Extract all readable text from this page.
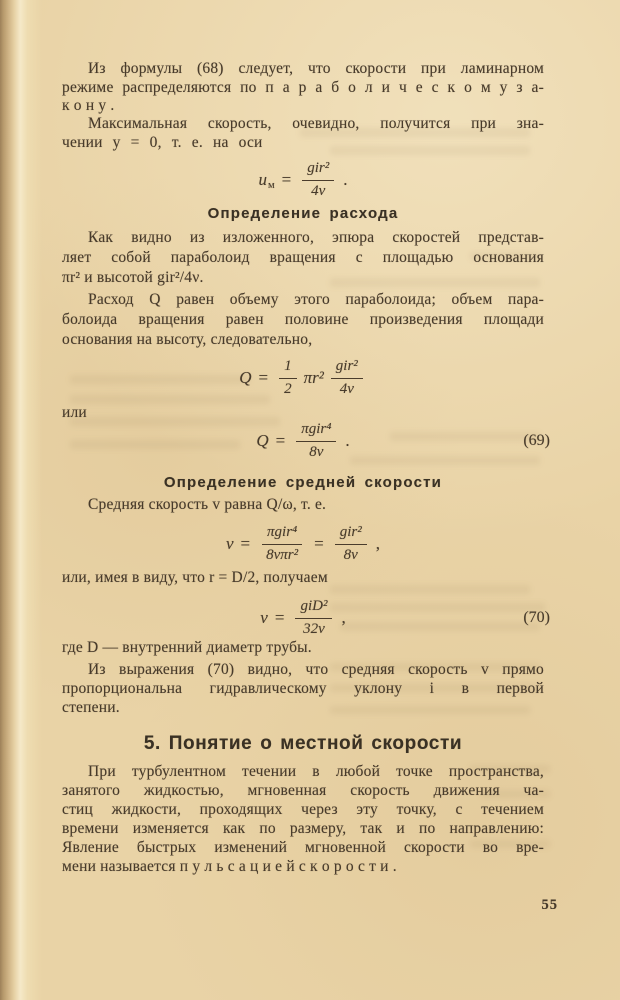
Из формулы (68) следует, что скорости при ламинарном
режиме распределяются по п а р а б о л и ч е с к о м у з а-
к о н у .
Максимальная скорость, очевидно, получится при зна-
чении y = 0, т. е. на оси
u $м = \frac{\text{gir²}}{4\nu}$ .
Определение расхода
Как видно из изложенного, эпюра скоростей представ-
ляет собой параболоид вращения с площадью основания
πr² и высотой gir²/4ν.
Расход Q равен объему этого параболоида; объем пара-
болоида вращения равен половине произведения площади
основания на высоту, следовательно,
$Q = \frac{1}{2} \pi r^2 \frac{\text{gir²}}{4\nu}$
или
$Q = \frac{\text{πgir⁴}}{8\nu}$ .	(69)
Определение средней скорости
Средняя скорость v равна Q/ω, т. е.
$v = \frac{\text{πgir⁴}}{\text{8νπr²}} = \frac{\text{gir²}}{8\nu}$ ,
или, имея в виду, что r = D/2, получаем
$v = \frac{\text{giD²}}{32\nu}$ ,	(70)
где D — внутренний диаметр трубы.
Из выражения (70) видно, что средняя скорость v прямо
пропорциональна гидравлическому уклону i в первой
степени.
5. Понятие о местной скорости
При турбулентном течении в любой точке пространства,
занятого жидкостью, мгновенная скорость движения ча-
стиц жидкости, проходящих через эту точку, с течением
времени изменяется как по размеру, так и по направлению:
Явление быстрых изменений мгновенной скорости во вре-
мени называется п у л ь с а ц и е й с к о р о с т и .
55
